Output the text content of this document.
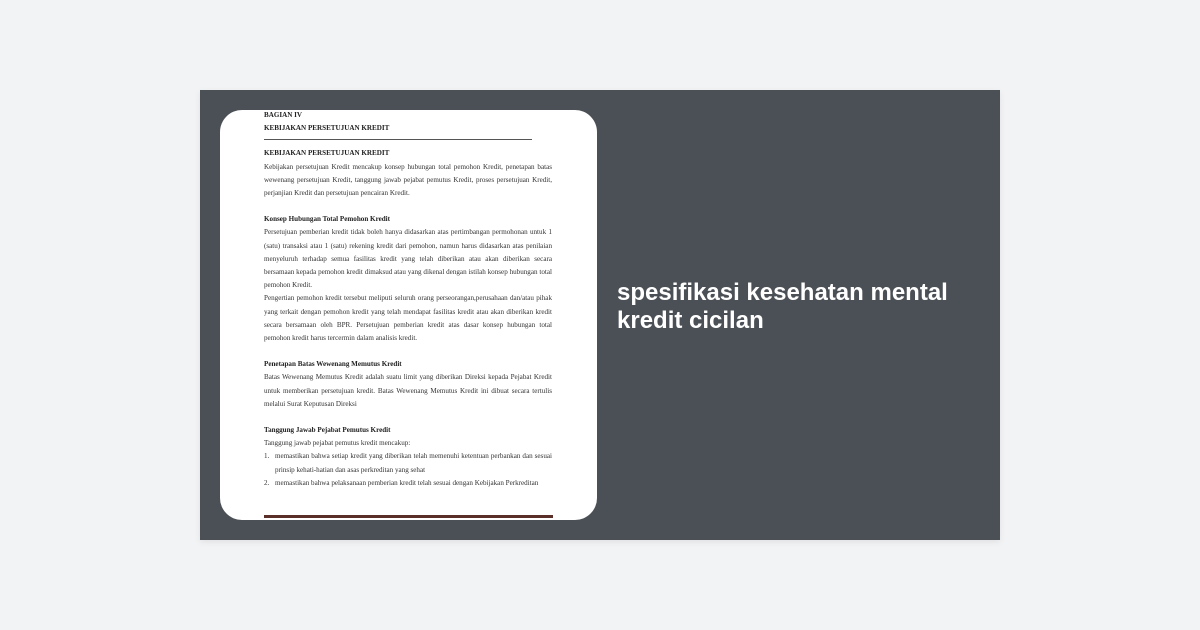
BAGIAN IV
KEBIJAKAN PERSETUJUAN KREDIT
KEBIJAKAN PERSETUJUAN KREDIT

Kebijakan persetujuan Kredit mencakup konsep hubungan total pemohon Kredit, penetapan batas wewenang persetujuan Kredit, tanggung jawab pejabat pemutus Kredit, proses persetujuan Kredit, perjanjian Kredit dan persetujuan pencairan Kredit.

Konsep Hubungan Total Pemohon Kredit

Persetujuan pemberian kredit tidak boleh hanya didasarkan atas pertimbangan permohonan untuk 1 (satu) transaksi atau 1 (satu) rekening kredit dari pemohon, namun harus didasarkan atas penilaian menyeluruh terhadap semua fasilitas kredit yang telah diberikan atau akan diberikan secara bersamaan kepada pemohon kredit dimaksud atau yang dikenal dengan istilah konsep hubungan total pemohon Kredit.

Pengertian pemohon kredit tersebut meliputi seluruh orang perseorangan,perusahaan dan/atau pihak yang terkait dengan pemohon kredit yang telah mendapat fasilitas kredit atau akan diberikan kredit secara bersamaan oleh BPR. Persetujuan pemberian kredit atas dasar konsep hubungan total pemohon kredit harus tercermin dalam analisis kredit.

Penetapan Batas Wewenang Memutus Kredit

Batas Wewenang Memutus Kredit adalah suatu limit yang diberikan Direksi kepada Pejabat Kredit untuk memberikan persetujuan kredit. Batas Wewenang Memutus Kredit ini dibuat secara tertulis melalui Surat Keputusan Direksi

Tanggung Jawab Pejabat Pemutus Kredit

Tanggung jawab pejabat pemutus kredit mencakup:

1. memastikan bahwa setiap kredit yang diberikan telah memenuhi ketentuan perbankan dan sesuai prinsip kehati-hatian dan asas perkreditan yang sehat
2. memastikan bahwa pelaksanaan pemberian kredit telah sesuai dengan Kebijakan Perkreditan
spesifikasi kesehatan mental kredit cicilan
